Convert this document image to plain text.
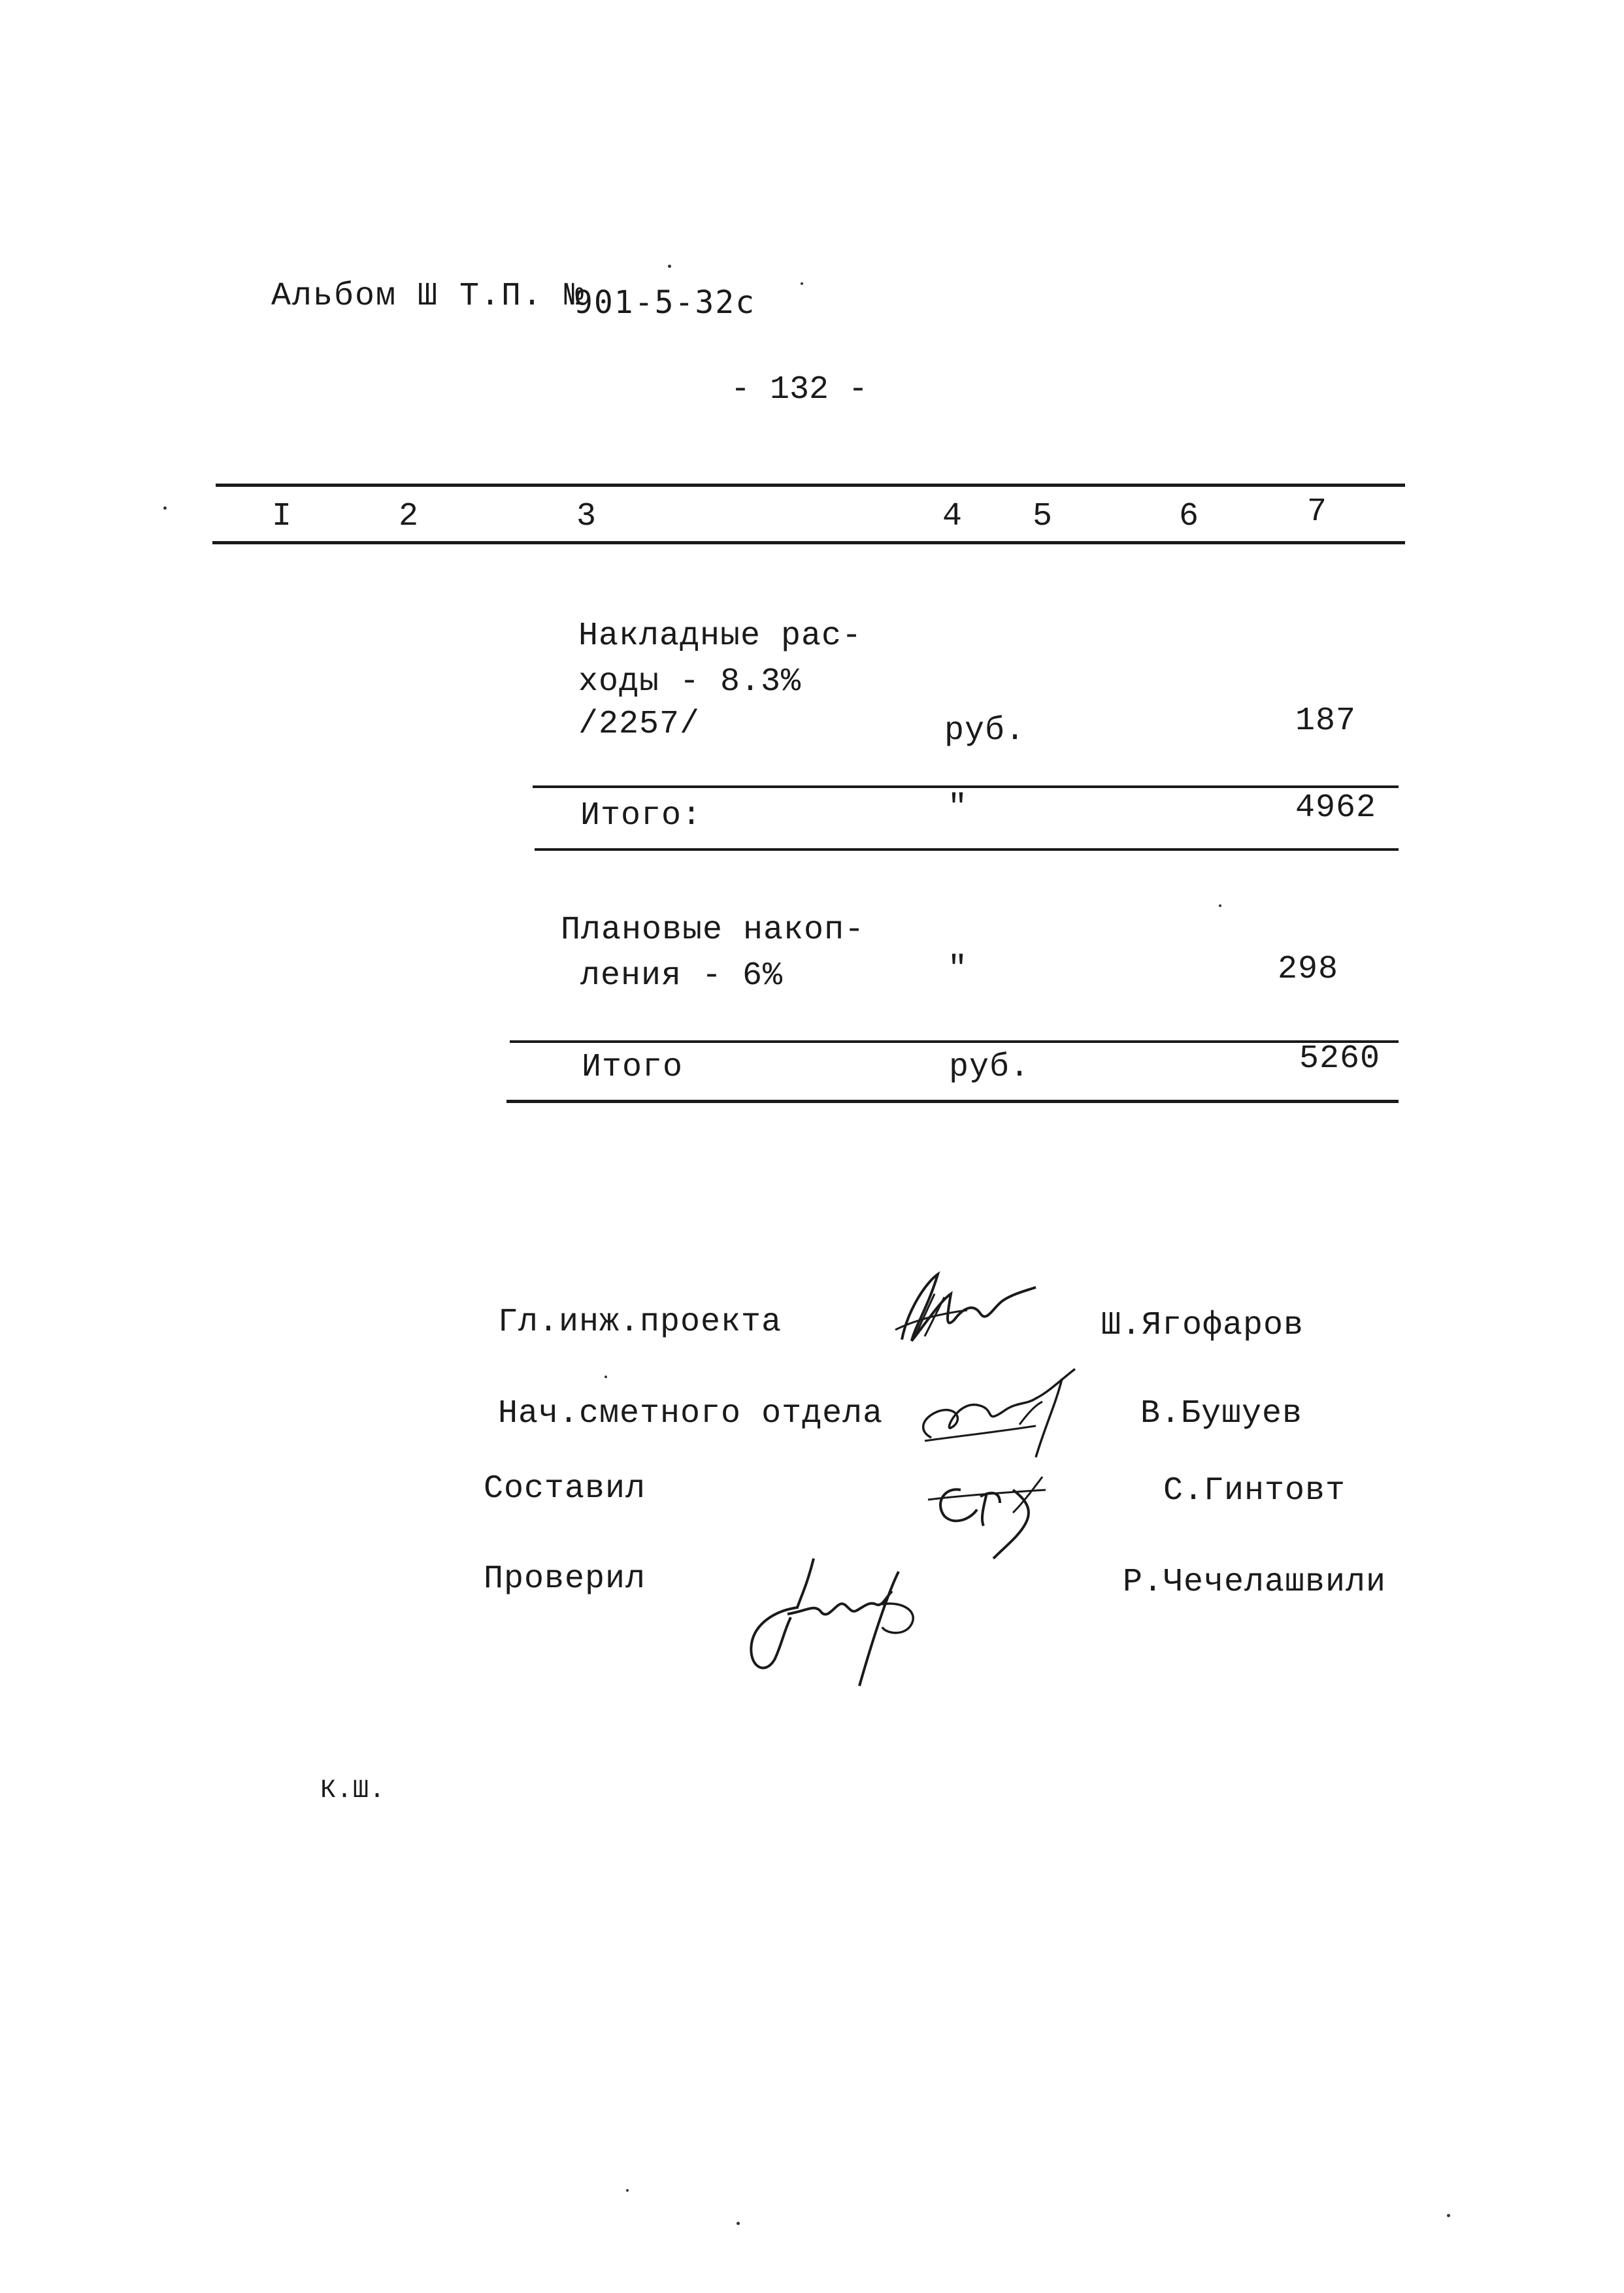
Альбом Ш Т.П. №
901-5-32с
- 132 -
I	2	3	4 5	6	7
Накладные рас-
ходы - 8.3%
/2257/	руб.	187
Итого:	"	4962
Плановые накоп-
ления - 6%	"	298
Итого	руб.	5260
Гл.инж.проекта	Ш.Ягофаров
Нач.сметного отдела	В.Бушуев
Составил	С.Гинтовт
Проверил	Р.Чечелашвили
К.Ш.
